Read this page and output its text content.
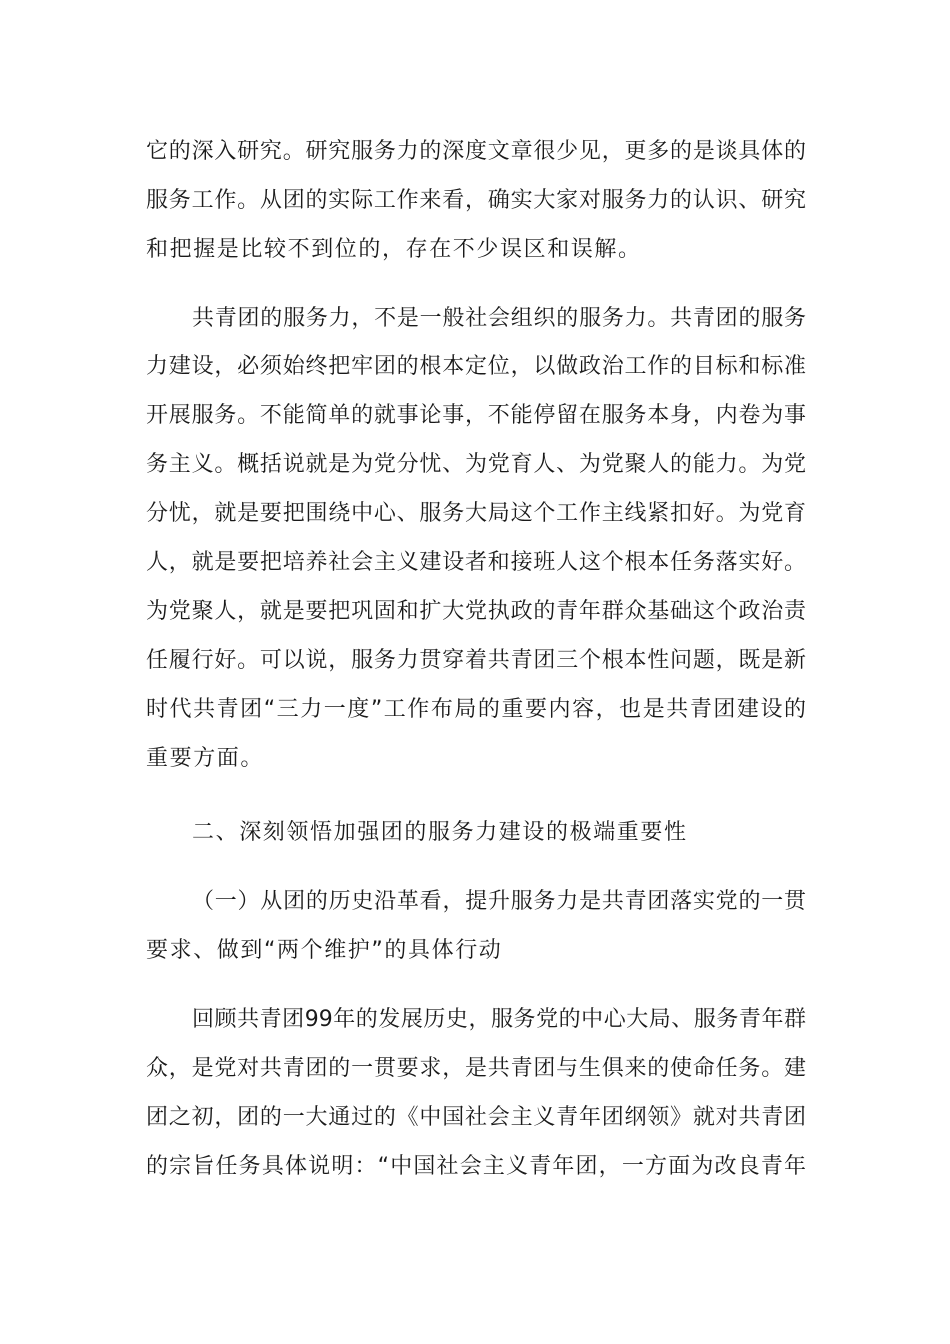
它的深入研究。研究服务力的深度文章很少见，更多的是谈具体的
服务工作。从团的实际工作来看，确实大家对服务力的认识、研究
和把握是比较不到位的，存在不少误区和误解。
共青团的服务力，不是一般社会组织的服务力。共青团的服务
力建设，必须始终把牢团的根本定位，以做政治工作的目标和标准
开展服务。不能简单的就事论事，不能停留在服务本身，内卷为事
务主义。概括说就是为党分忧、为党育人、为党聚人的能力。为党
分忧，就是要把围绕中心、服务大局这个工作主线紧扣好。为党育
人，就是要把培养社会主义建设者和接班人这个根本任务落实好。
为党聚人，就是要把巩固和扩大党执政的青年群众基础这个政治责
任履行好。可以说，服务力贯穿着共青团三个根本性问题，既是新
时代共青团“三力一度”工作布局的重要内容，也是共青团建设的
重要方面。
二、深刻领悟加强团的服务力建设的极端重要性
（一）从团的历史沿革看，提升服务力是共青团落实党的一贯
要求、做到“两个维护”的具体行动
回顾共青团99年的发展历史，服务党的中心大局、服务青年群
众，是党对共青团的一贯要求，是共青团与生俱来的使命任务。建
团之初，团的一大通过的《中国社会主义青年团纲领》就对共青团
的宗旨任务具体说明：“中国社会主义青年团，一方面为改良青年
